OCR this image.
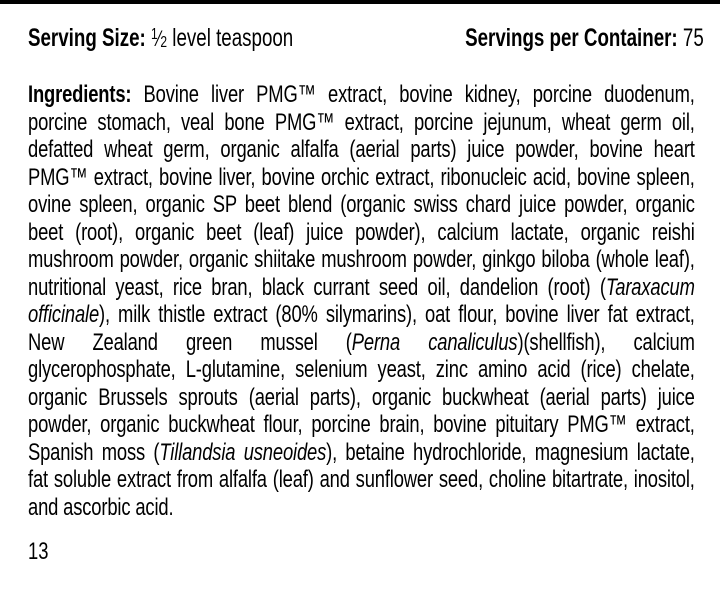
Serving Size: $^1⁄_2$ level teaspoon	Servings per Container: 75
Ingredients: Bovine liver PMG™ extract, bovine kidney, porcine duodenum, porcine stomach, veal bone PMG™ extract, porcine jejunum, wheat germ oil, defatted wheat germ, organic alfalfa (aerial parts) juice powder, bovine heart PMG™ extract, bovine liver, bovine orchic extract, ribonucleic acid, bovine spleen, ovine spleen, organic SP beet blend (organic swiss chard juice powder, organic beet (root), organic beet (leaf) juice powder), calcium lactate, organic reishi mushroom powder, organic shiitake mushroom powder, ginkgo biloba (whole leaf), nutritional yeast, rice bran, black currant seed oil, dandelion (root) (Taraxacum officinale), milk thistle extract (80% silymarins), oat flour, bovine liver fat extract, New Zealand green mussel (Perna canaliculus)(shellfish), calcium glycerophosphate, L-glutamine, selenium yeast, zinc amino acid (rice) chelate, organic Brussels sprouts (aerial parts), organic buckwheat (aerial parts) juice powder, organic buckwheat flour, porcine brain, bovine pituitary PMG™ extract, Spanish moss (Tillandsia usneoides), betaine hydrochloride, magnesium lactate, fat soluble extract from alfalfa (leaf) and sunflower seed, choline bitartrate, inositol, and ascorbic acid.
13
